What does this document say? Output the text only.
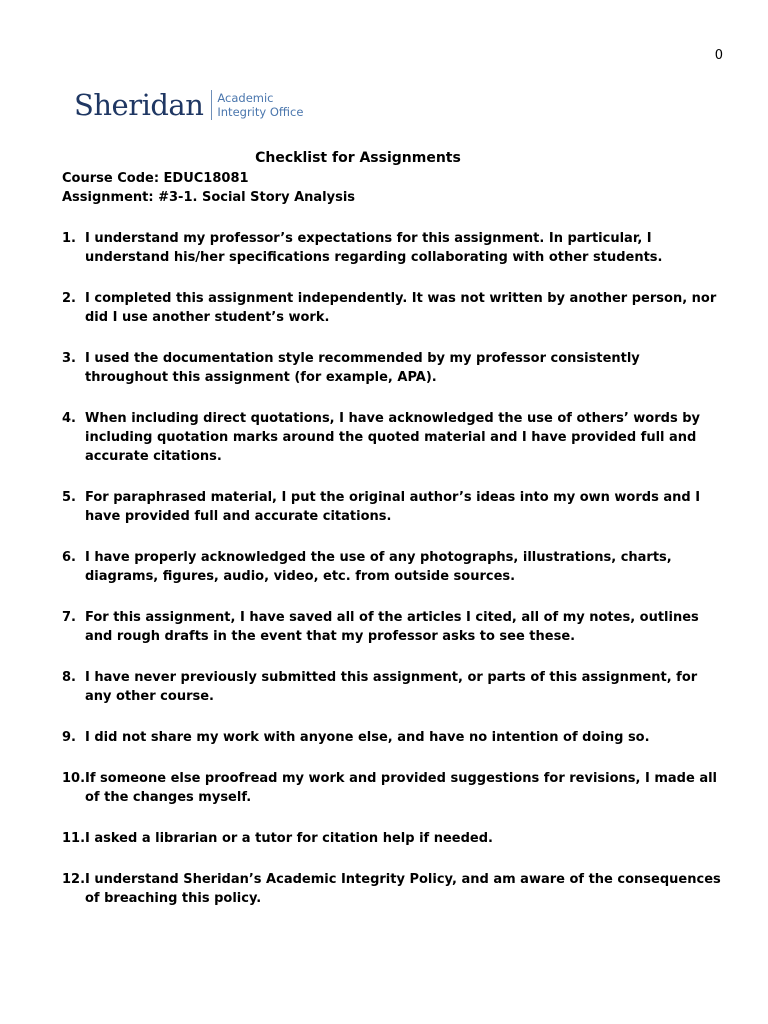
0
Sheridan Academic
Integrity Office
Checklist for Assignments
Course Code: EDUC18081
Assignment: #3-1. Social Story Analysis
1. I understand my professor’s expectations for this assignment. In particular, I understand his/her specifications regarding collaborating with other students.
2. I completed this assignment independently. It was not written by another person, nor did I use another student’s work.
3. I used the documentation style recommended by my professor consistently throughout this assignment (for example, APA).
4. When including direct quotations, I have acknowledged the use of others’ words by including quotation marks around the quoted material and I have provided full and accurate citations.
5. For paraphrased material, I put the original author’s ideas into my own words and I have provided full and accurate citations.
6. I have properly acknowledged the use of any photographs, illustrations, charts, diagrams, figures, audio, video, etc. from outside sources.
7. For this assignment, I have saved all of the articles I cited, all of my notes, outlines and rough drafts in the event that my professor asks to see these.
8. I have never previously submitted this assignment, or parts of this assignment, for any other course.
9. I did not share my work with anyone else, and have no intention of doing so.
10. If someone else proofread my work and provided suggestions for revisions, I made all of the changes myself.
11. I asked a librarian or a tutor for citation help if needed.
12. I understand Sheridan’s Academic Integrity Policy, and am aware of the consequences of breaching this policy.
